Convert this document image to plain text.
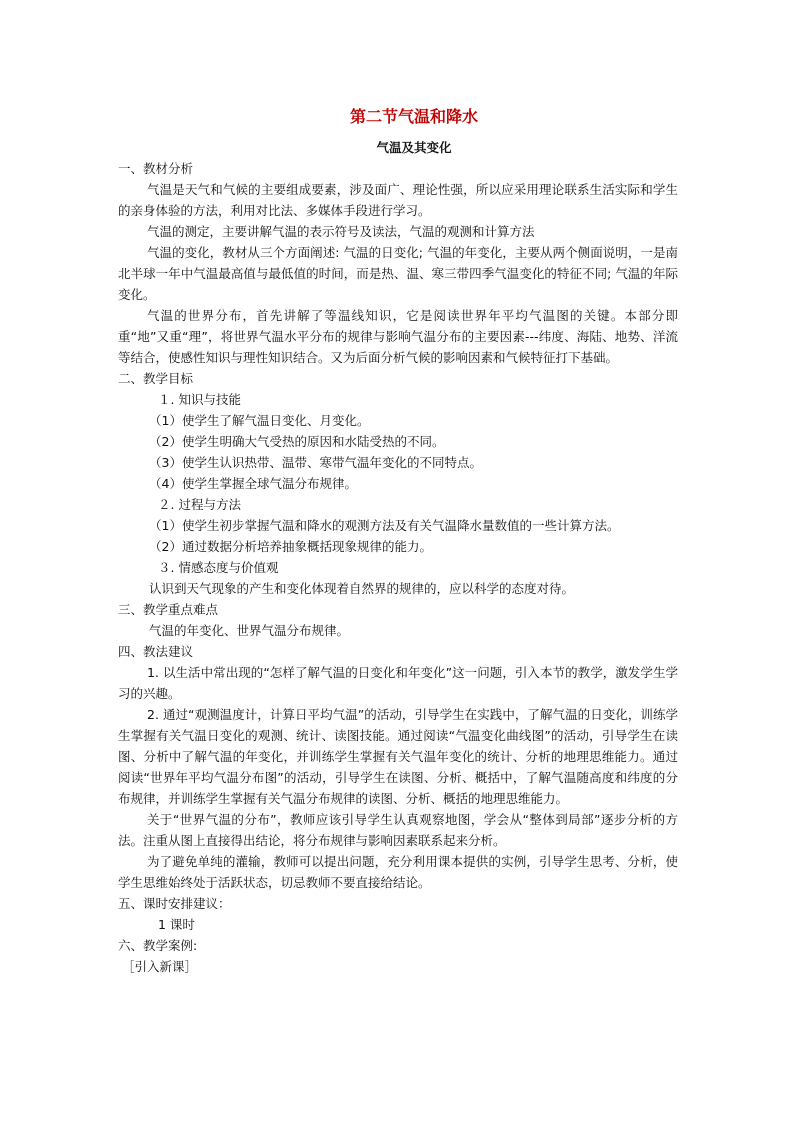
第二节气温和降水
气温及其变化
一、教材分析
气温是天气和气候的主要组成要素，涉及面广、理论性强，所以应采用理论联系生活实际和学生的亲身体验的方法，利用对比法、多媒体手段进行学习。
气温的测定，主要讲解气温的表示符号及读法，气温的观测和计算方法
气温的变化，教材从三个方面阐述: 气温的日变化; 气温的年变化，主要从两个侧面说明，一是南北半球一年中气温最高值与最低值的时间，而是热、温、寒三带四季气温变化的特征不同; 气温的年际变化。
气温的世界分布，首先讲解了等温线知识，它是阅读世界年平均气温图的关键。本部分即重“地”又重“理”，将世界气温水平分布的规律与影响气温分布的主要因素---纬度、海陆、地势、洋流等结合，使感性知识与理性知识结合。又为后面分析气候的影响因素和气候特征打下基础。
二、教学目标
１. 知识与技能
（1）使学生了解气温日变化、月变化。
（2）使学生明确大气受热的原因和水陆受热的不同。
（3）使学生认识热带、温带、寒带气温年变化的不同特点。
（4）使学生掌握全球气温分布规律。
２. 过程与方法
（1）使学生初步掌握气温和降水的观测方法及有关气温降水量数值的一些计算方法。
（2）通过数据分析培养抽象概括现象规律的能力。
３. 情感态度与价值观
认识到天气现象的产生和变化体现着自然界的规律的，应以科学的态度对待。
三、教学重点难点
气温的年变化、世界气温分布规律。
四、教法建议
1. 以生活中常出现的“怎样了解气温的日变化和年变化”这一问题，引入本节的教学，激发学生学习的兴趣。
2. 通过“观测温度计，计算日平均气温”的活动，引导学生在实践中，了解气温的日变化，训练学生掌握有关气温日变化的观测、统计、读图技能。通过阅读“气温变化曲线图”的活动，引导学生在读图、分析中了解气温的年变化，并训练学生掌握有关气温年变化的统计、分析的地理思维能力。通过阅读“世界年平均气温分布图”的活动，引导学生在读图、分析、概括中，了解气温随高度和纬度的分布规律，并训练学生掌握有关气温分布规律的读图、分析、概括的地理思维能力。
关于“世界气温的分布”，教师应该引导学生认真观察地图，学会从“整体到局部”逐步分析的方法。注重从图上直接得出结论，将分布规律与影响因素联系起来分析。
为了避免单纯的灌输，教师可以提出问题，充分利用课本提供的实例，引导学生思考、分析，使学生思维始终处于活跃状态，切忌教师不要直接给结论。
五、课时安排建议：
1 课时
六、教学案例:
［引入新课］
